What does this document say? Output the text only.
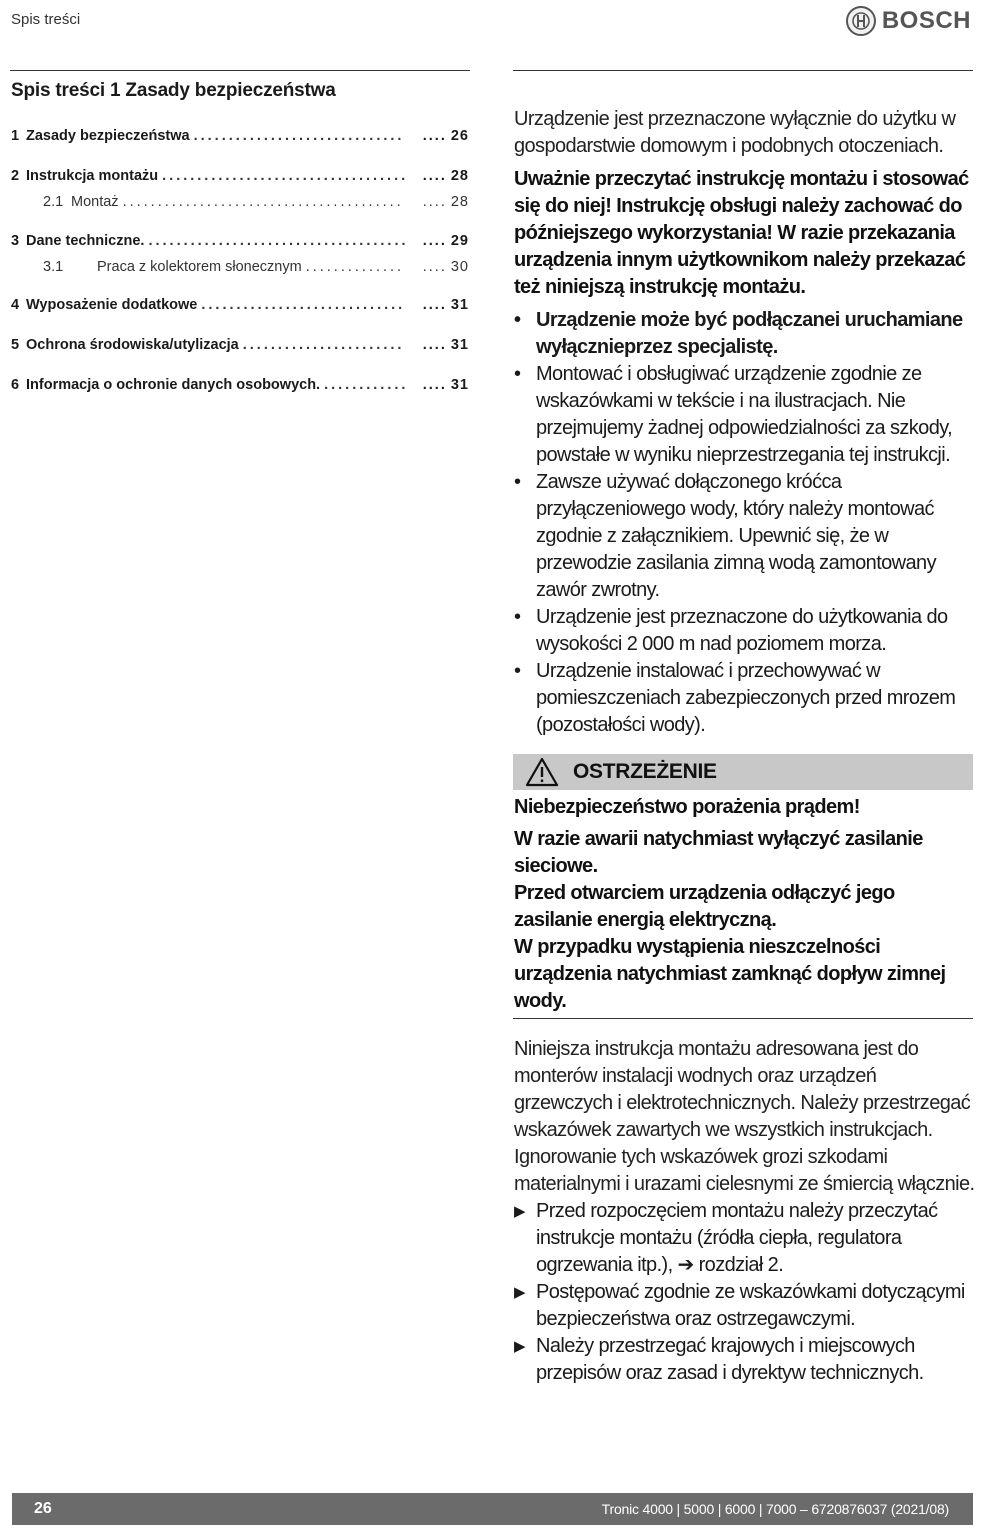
Spis treści	BOSCH
Spis treści 1 Zasady bezpieczeństwa
1 Zasady bezpieczeństwa .....	.... 26
2 Instrukcja montażu .....	.... 28
2.1 Montaż .....	.... 28
3 Dane techniczne. .....	.... 29
3.1	Praca z kolektorem słonecznym .....	.... 30
4 Wyposażenie dodatkowe .....	.... 31
5 Ochrona środowiska/utylizacja .....	.... 31
6 Informacja o ochronie danych osobowych. .....	.... 31

Urządzenie jest przeznaczone wyłącznie do użytku w gospodarstwie domowym i podobnych otoczeniach.

Uważnie przeczytać instrukcję montażu i stosować się do niej! Instrukcję obsługi należy zachować do późniejszego wykorzystania! W razie przekazania urządzenia innym użytkownikom należy przekazać też niniejszą instrukcję montażu.

• Urządzenie może być podłączanei uruchamiane wyłącznieprzez specjalistę.
• Montować i obsługiwać urządzenie zgodnie ze wskazówkami w tekście i na ilustracjach. Nie przejmujemy żadnej odpowiedzialności za szkody, powstałe w wyniku nieprzestrzegania tej instrukcji.
• Zawsze używać dołączonego króćca przyłączeniowego wody, który należy montować zgodnie z załącznikiem. Upewnić się, że w przewodzie zasilania zimną wodą zamontowany zawór zwrotny.
• Urządzenie jest przeznaczone do użytkowania do wysokości 2 000 m nad poziomem morza.
• Urządzenie instalować i przechowywać w pomieszczeniach zabezpieczonych przed mrozem (pozostałości wody).
OSTRZEŻENIE

Niebezpieczeństwo porażenia prądem!

W razie awarii natychmiast wyłączyć zasilanie sieciowe.

Przed otwarciem urządzenia odłączyć jego zasilanie energią elektryczną.

W przypadku wystąpienia nieszczelności urządzenia natychmiast zamknąć dopływ zimnej wody.

Niniejsza instrukcja montażu adresowana jest do monterów instalacji wodnych oraz urządzeń grzewczych i elektrotechnicznych. Należy przestrzegać wskazówek zawartych we wszystkich instrukcjach. Ignorowanie tych wskazówek grozi szkodami materialnymi i urazami cielesnymi ze śmiercią włącznie.

▶ Przed rozpoczęciem montażu należy przeczytać instrukcje montażu (źródła ciepła, regulatora ogrzewania itp.), ➔ rozdział 2.
▶ Postępować zgodnie ze wskazówkami dotyczącymi bezpieczeństwa oraz ostrzegawczymi.
▶ Należy przestrzegać krajowych i miejscowych przepisów oraz zasad i dyrektyw technicznych.
26	Tronic 4000 | 5000 | 6000 | 7000 – 6720876037 (2021/08)
